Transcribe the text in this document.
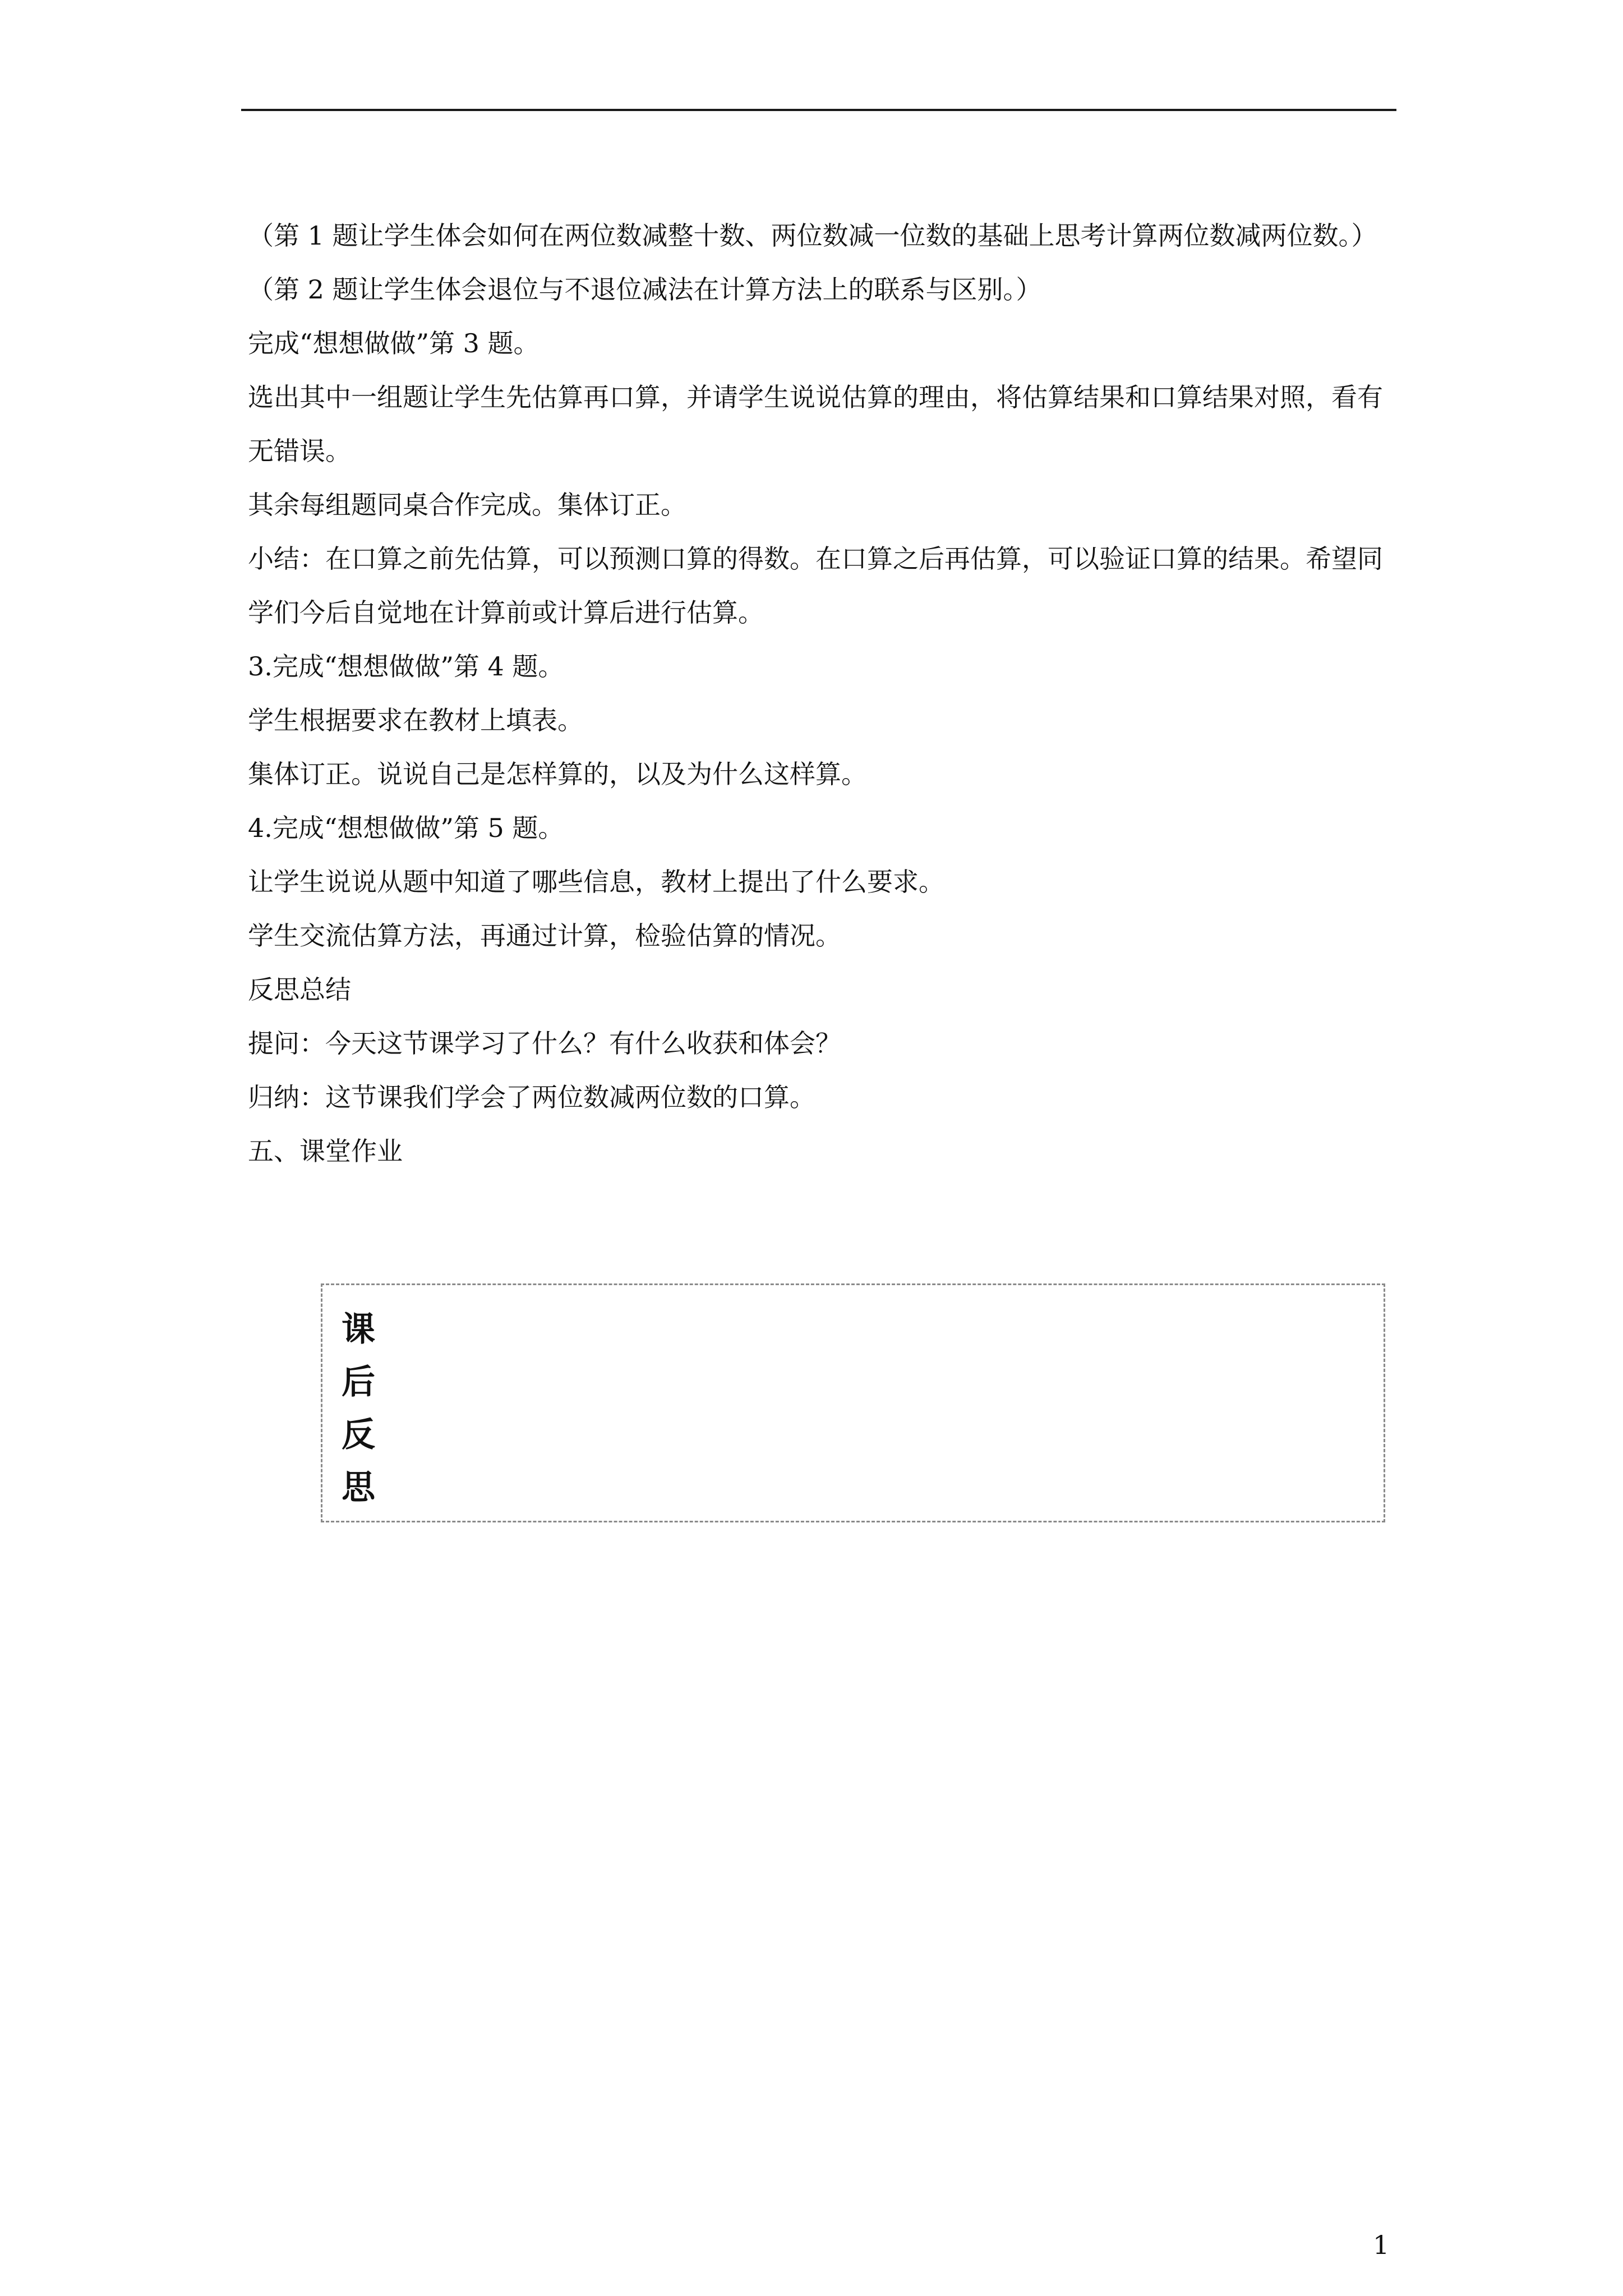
（第 1 题让学生体会如何在两位数减整十数、两位数减一位数的基础上思考计算两位数减两位数。）

（第 2 题让学生体会退位与不退位减法在计算方法上的联系与区别。）

完成“想想做做”第 3 题。

选出其中一组题让学生先估算再口算，并请学生说说估算的理由，将估算结果和口算结果对照，看有无错误。

其余每组题同桌合作完成。集体订正。

小结：在口算之前先估算，可以预测口算的得数。在口算之后再估算，可以验证口算的结果。希望同学们今后自觉地在计算前或计算后进行估算。

3.完成“想想做做”第 4 题。

学生根据要求在教材上填表。

集体订正。说说自己是怎样算的，以及为什么这样算。

4.完成“想想做做”第 5 题。

让学生说说从题中知道了哪些信息，教材上提出了什么要求。

学生交流估算方法，再通过计算，检验估算的情况。

反思总结

提问：今天这节课学习了什么？有什么收获和体会？

归纳：这节课我们学会了两位数减两位数的口算。

五、课堂作业

课
后
反
思
1
